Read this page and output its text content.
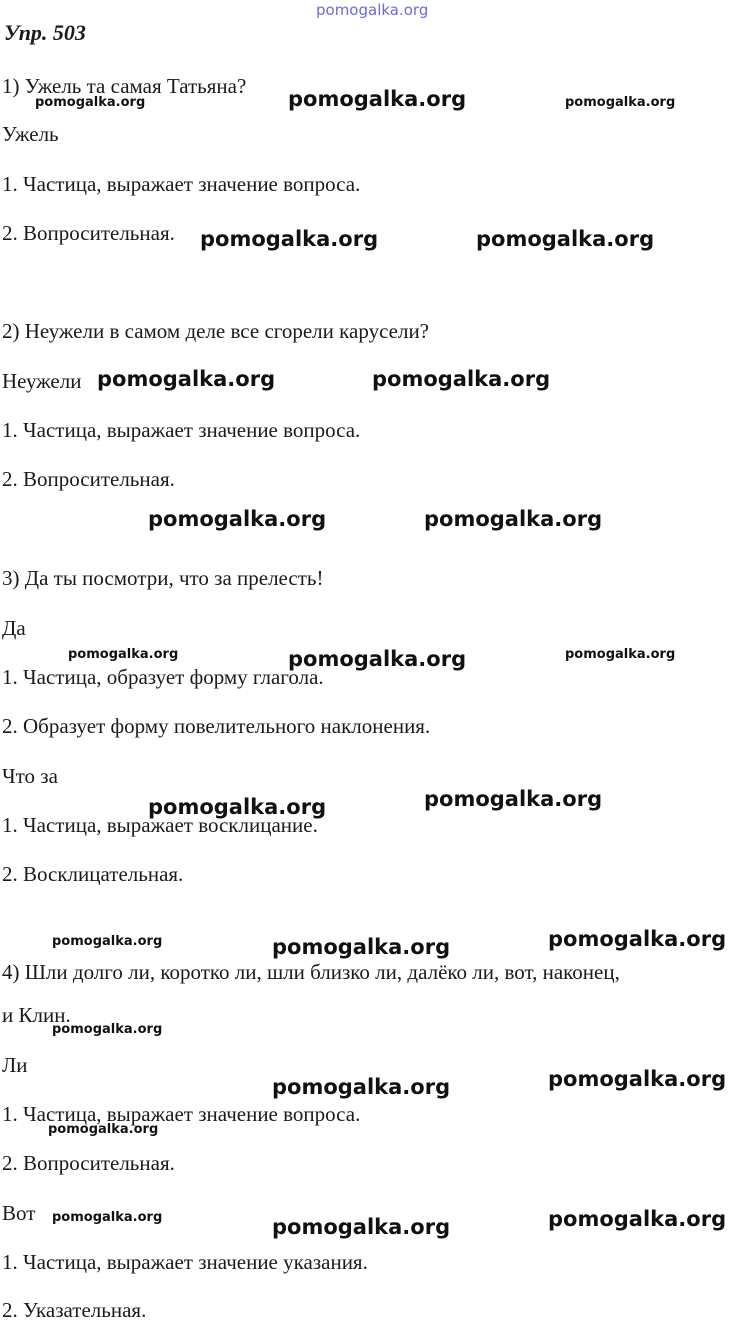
pomogalka.org
Упр. 503
1) Ужель та самая Татьяна?
Ужель
1. Частица, выражает значение вопроса.
2. Вопросительная.
2) Неужели в самом деле все сгорели карусели?
Неужели
1. Частица, выражает значение вопроса.
2. Вопросительная.
3) Да ты посмотри, что за прелесть!
Да
1. Частица, образует форму глагола.
2. Образует форму повелительного наклонения.
Что за
1. Частица, выражает восклицание.
2. Восклицательная.
4) Шли долго ли, коротко ли, шли близко ли, далёко ли, вот, наконец,
и Клин.
Ли
1. Частица, выражает значение вопроса.
2. Вопросительная.
Вот
1. Частица, выражает значение указания.
2. Указательная.
pomogalka.org	pomogalka.org	pomogalka.org
pomogalka.org	pomogalka.org
pomogalka.org	pomogalka.org
pomogalka.org	pomogalka.org
pomogalka.org	pomogalka.org	pomogalka.org
pomogalka.org	pomogalka.org
pomogalka.org	pomogalka.org	pomogalka.org
pomogalka.org
pomogalka.org	pomogalka.org
pomogalka.org
pomogalka.org	pomogalka.org	pomogalka.org
